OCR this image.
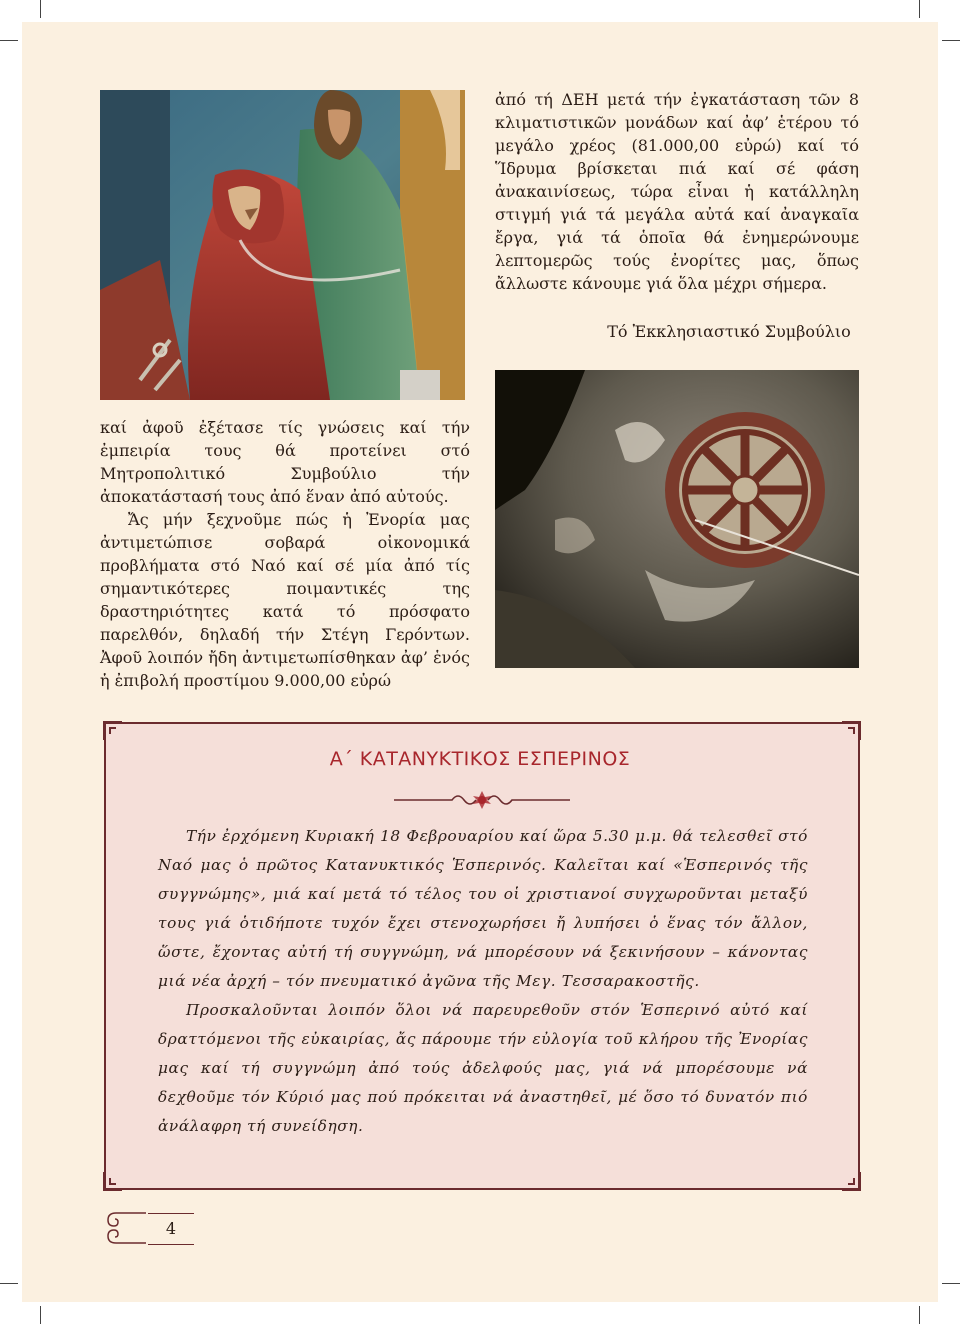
ἀπό τή ΔΕΗ μετά τήν ἐγκατάσταση τῶν 8 κλιματιστικῶν μονάδων καί ἀφ’ ἑτέρου τό μεγάλο χρέος (81.000,00 εὐρώ) καί τό Ἵδρυμα βρίσκεται πιά καί σέ φάση ἀνακαινίσεως, τώρα εἶναι ἡ κατάλληλη στιγμή γιά τά μεγάλα αὐτά καί ἀναγκαῖα ἔργα, γιά τά ὁποῖα θά ἐνημερώνουμε λεπτομερῶς τούς ἐνορίτες μας, ὅπως ἄλλωστε κάνουμε γιά ὅλα μέχρι σήμερα.

Τό Ἐκκλησιαστικό Συμβούλιο

καί ἀφοῦ ἐξέτασε τίς γνώσεις καί τήν ἐμπειρία τους θά προτείνει στό Μητροπολιτικό Συμβούλιο τήν ἀποκατάστασή τους ἀπό ἕναν ἀπό αὐτούς.

Ἄς μήν ξεχνοῦμε πώς ἡ Ἐνορία μας ἀντιμετώπισε σοβαρά οἰκονομικά προβλήματα στό Ναό καί σέ μία ἀπό τίς σημαντικότερες ποιμαντικές της δραστηριότητες κατά τό πρόσφατο παρελθόν, δηλαδή τήν Στέγη Γερόντων. Ἀφοῦ λοιπόν ἤδη ἀντιμετωπίσθηκαν ἀφ’ ἑνός ἡ ἐπιβολή προστίμου 9.000,00 εὐρώ

Α΄ ΚΑΤΑΝΥΚΤΙΚΟΣ ΕΣΠΕΡΙΝΟΣ

Τήν ἐρχόμενη Κυριακή 18 Φεβρουαρίου καί ὥρα 5.30 μ.μ. θά τελεσθεῖ στό Ναό μας ὁ πρῶτος Κατανυκτικός Ἑσπερινός. Καλεῖται καί «Ἑσπερινός τῆς συγγνώμης», μιά καί μετά τό τέλος του οἱ χριστιανοί συγχωροῦνται μεταξύ τους γιά ὁτιδήποτε τυχόν ἔχει στενοχωρήσει ἤ λυπήσει ὁ ἕνας τόν ἄλλον, ὥστε, ἔχοντας αὐτή τή συγγνώμη, νά μπορέσουν νά ξεκινήσουν – κάνοντας μιά νέα ἀρχή – τόν πνευματικό ἀγῶνα τῆς Μεγ. Τεσσαρακοστῆς.

Προσκαλοῦνται λοιπόν ὅλοι νά παρευρεθοῦν στόν Ἑσπερινό αὐτό καί δραττόμενοι τῆς εὐκαιρίας, ἄς πάρουμε τήν εὐλογία τοῦ κλήρου τῆς Ἐνορίας μας καί τή συγγνώμη ἀπό τούς ἀδελφούς μας, γιά νά μπορέσουμε νά δεχθοῦμε τόν Κύριό μας πού πρόκειται νά ἀναστηθεῖ, μέ ὅσο τό δυνατόν πιό ἀνάλαφρη τή συνείδηση.

4
